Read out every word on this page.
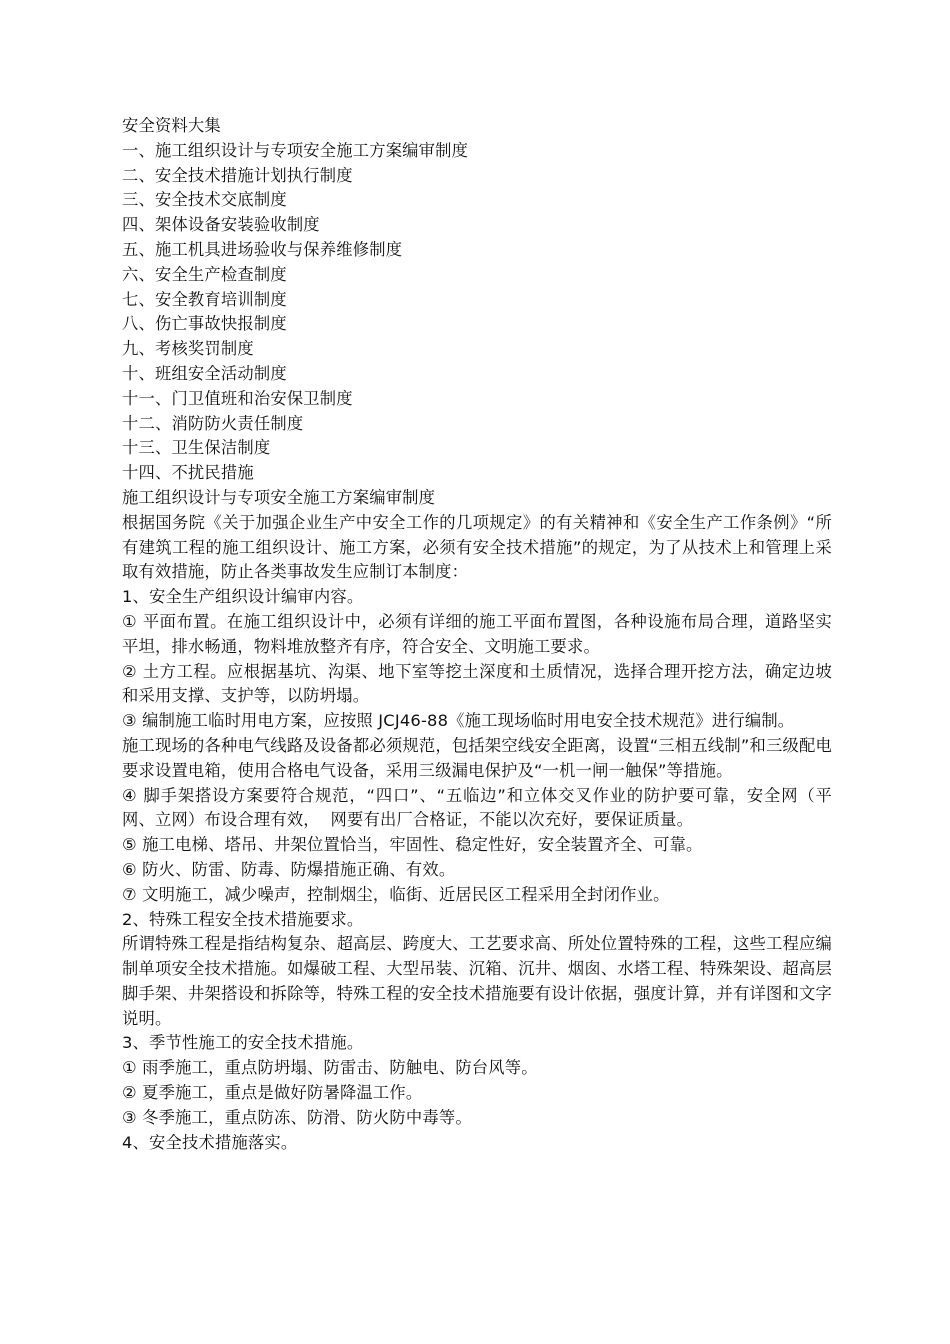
安全资料大集

一、施工组织设计与专项安全施工方案编审制度

二、安全技术措施计划执行制度

三、安全技术交底制度

四、架体设备安装验收制度

五、施工机具进场验收与保养维修制度

六、安全生产检查制度

七、安全教育培训制度

八、伤亡事故快报制度

九、考核奖罚制度

十、班组安全活动制度

十一、门卫值班和治安保卫制度

十二、消防防火责任制度

十三、卫生保洁制度

十四、不扰民措施

施工组织设计与专项安全施工方案编审制度

根据国务院《关于加强企业生产中安全工作的几项规定》的有关精神和《安全生产工作条例》“所有建筑工程的施工组织设计、施工方案，必须有安全技术措施”的规定，为了从技术上和管理上采取有效措施，防止各类事故发生应制订本制度：

1、安全生产组织设计编审内容。

① 平面布置。在施工组织设计中，必须有详细的施工平面布置图，各种设施布局合理，道路坚实平坦，排水畅通，物料堆放整齐有序，符合安全、文明施工要求。

② 土方工程。应根据基坑、沟渠、地下室等挖土深度和土质情况，选择合理开挖方法，确定边坡和采用支撑、支护等，以防坍塌。

③ 编制施工临时用电方案，应按照 JCJ46-88《施工现场临时用电安全技术规范》进行编制。

施工现场的各种电气线路及设备都必须规范，包括架空线安全距离，设置“三相五线制”和三级配电要求设置电箱，使用合格电气设备，采用三级漏电保护及“一机一闸一触保”等措施。

④ 脚手架搭设方案要符合规范，“四口”、“五临边”和立体交叉作业的防护要可靠，安全网（平网、立网）布设合理有效，  网要有出厂合格证，不能以次充好，要保证质量。

⑤ 施工电梯、塔吊、井架位置恰当，牢固性、稳定性好，安全装置齐全、可靠。

⑥ 防火、防雷、防毒、防爆措施正确、有效。

⑦ 文明施工，减少噪声，控制烟尘，临街、近居民区工程采用全封闭作业。

2、特殊工程安全技术措施要求。

所谓特殊工程是指结构复杂、超高层、跨度大、工艺要求高、所处位置特殊的工程，这些工程应编制单项安全技术措施。如爆破工程、大型吊装、沉箱、沉井、烟囱、水塔工程、特殊架设、超高层脚手架、井架搭设和拆除等，特殊工程的安全技术措施要有设计依据，强度计算，并有详图和文字说明。

3、季节性施工的安全技术措施。

① 雨季施工，重点防坍塌、防雷击、防触电、防台风等。

② 夏季施工，重点是做好防暑降温工作。

③ 冬季施工，重点防冻、防滑、防火防中毒等。

4、安全技术措施落实。
